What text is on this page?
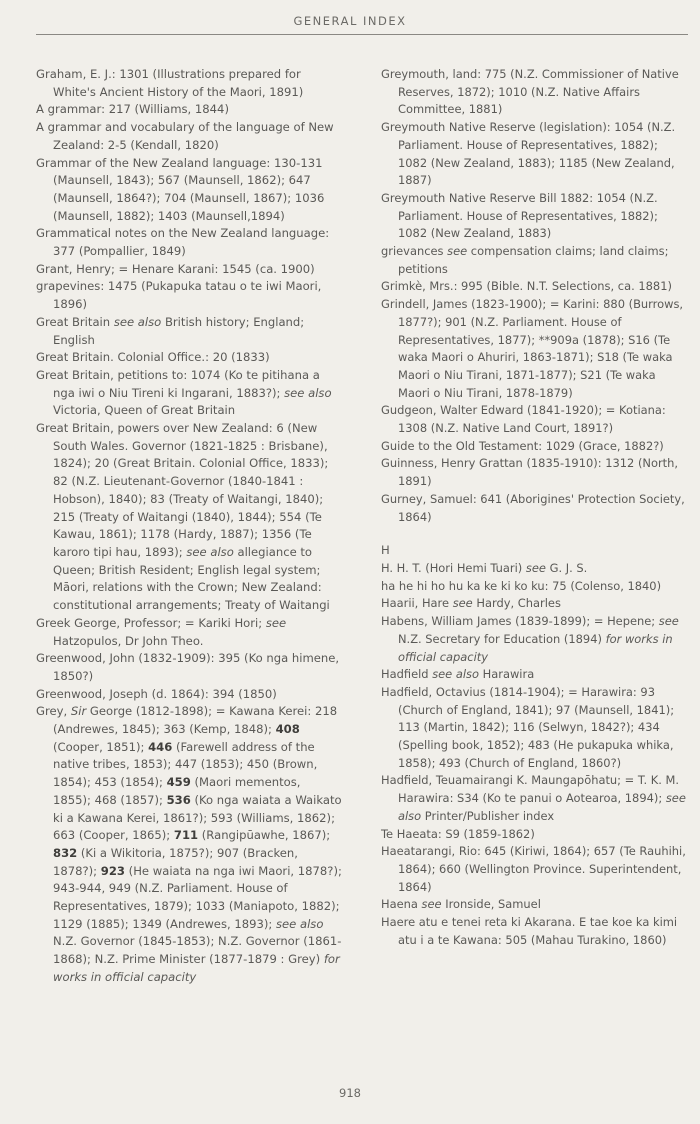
GENERAL INDEX

Graham, E. J.: 1301 (Illustrations prepared for White's Ancient History of the Maori, 1891)

A grammar: 217 (Williams, 1844)

A grammar and vocabulary of the language of New Zealand: 2-5 (Kendall, 1820)

Grammar of the New Zealand language: 130-131 (Maunsell, 1843); 567 (Maunsell, 1862); 647 (Maunsell, 1864?); 704 (Maunsell, 1867); 1036 (Maunsell, 1882); 1403 (Maunsell,1894)

Grammatical notes on the New Zealand language: 377 (Pompallier, 1849)

Grant, Henry; = Henare Karani: 1545 (ca. 1900)

grapevines: 1475 (Pukapuka tatau o te iwi Maori, 1896)

Great Britain see also British history; England; English

Great Britain. Colonial Office.: 20 (1833)

Great Britain, petitions to: 1074 (Ko te pitihana a nga iwi o Niu Tireni ki Ingarani, 1883?); see also Victoria, Queen of Great Britain

Great Britain, powers over New Zealand: 6 (New South Wales. Governor (1821-1825 : Brisbane), 1824); 20 (Great Britain. Colonial Office, 1833); 82 (N.Z. Lieutenant-Governor (1840-1841 : Hobson), 1840); 83 (Treaty of Waitangi, 1840); 215 (Treaty of Waitangi (1840), 1844); 554 (Te Kawau, 1861); 1178 (Hardy, 1887); 1356 (Te karoro tipi hau, 1893); see also allegiance to Queen; British Resident; English legal system; Māori, relations with the Crown; New Zealand: constitutional arrangements; Treaty of Waitangi

Greek George, Professor; = Kariki Hori; see Hatzopulos, Dr John Theo.

Greenwood, John (1832-1909): 395 (Ko nga himene, 1850?)

Greenwood, Joseph (d. 1864): 394 (1850)

Grey, Sir George (1812-1898); = Kawana Kerei: 218 (Andrewes, 1845); 363 (Kemp, 1848); 408 (Cooper, 1851); 446 (Farewell address of the native tribes, 1853); 447 (1853); 450 (Brown, 1854); 453 (1854); 459 (Maori mementos, 1855); 468 (1857); 536 (Ko nga waiata a Waikato ki a Kawana Kerei, 1861?); 593 (Williams, 1862); 663 (Cooper, 1865); 711 (Rangipūawhe, 1867); 832 (Ki a Wikitoria, 1875?); 907 (Bracken, 1878?); 923 (He waiata na nga iwi Maori, 1878?); 943-944, 949 (N.Z. Parliament. House of Representatives, 1879); 1033 (Maniapoto, 1882); 1129 (1885); 1349 (Andrewes, 1893); see also N.Z. Governor (1845-1853); N.Z. Governor (1861-1868); N.Z. Prime Minister (1877-1879 : Grey) for works in official capacity

Greymouth, land: 775 (N.Z. Commissioner of Native Reserves, 1872); 1010 (N.Z. Native Affairs Committee, 1881)

Greymouth Native Reserve (legislation): 1054 (N.Z. Parliament. House of Representatives, 1882); 1082 (New Zealand, 1883); 1185 (New Zealand, 1887)

Greymouth Native Reserve Bill 1882: 1054 (N.Z. Parliament. House of Representatives, 1882); 1082 (New Zealand, 1883)

grievances see compensation claims; land claims; petitions

Grimkè, Mrs.: 995 (Bible. N.T. Selections, ca. 1881)

Grindell, James (1823-1900); = Karini: 880 (Burrows, 1877?); 901 (N.Z. Parliament. House of Representatives, 1877); **909a (1878); S16 (Te waka Maori o Ahuriri, 1863-1871); S18 (Te waka Maori o Niu Tirani, 1871-1877); S21 (Te waka Maori o Niu Tirani, 1878-1879)

Gudgeon, Walter Edward (1841-1920); = Kotiana: 1308 (N.Z. Native Land Court, 1891?)

Guide to the Old Testament: 1029 (Grace, 1882?)

Guinness, Henry Grattan (1835-1910): 1312 (North, 1891)

Gurney, Samuel: 641 (Aborigines' Protection Society, 1864)

H

H. H. T. (Hori Hemi Tuari) see G. J. S.

ha he hi ho hu ka ke ki ko ku: 75 (Colenso, 1840)

Haarii, Hare see Hardy, Charles

Habens, William James (1839-1899); = Hepene; see N.Z. Secretary for Education (1894) for works in official capacity

Hadfield see also Harawira

Hadfield, Octavius (1814-1904); = Harawira: 93 (Church of England, 1841); 97 (Maunsell, 1841); 113 (Martin, 1842); 116 (Selwyn, 1842?); 434 (Spelling book, 1852); 483 (He pukapuka whika, 1858); 493 (Church of England, 1860?)

Hadfield, Teuamairangi K. Maungapōhatu; = T. K. M. Harawira: S34 (Ko te panui o Aotearoa, 1894); see also Printer/Publisher index

Te Haeata: S9 (1859-1862)

Haeatarangi, Rio: 645 (Kiriwi, 1864); 657 (Te Rauhihi, 1864); 660 (Wellington Province. Superintendent, 1864)

Haena see Ironside, Samuel

Haere atu e tenei reta ki Akarana. E tae koe ka kimi atu i a te Kawana: 505 (Mahau Turakino, 1860)

918
